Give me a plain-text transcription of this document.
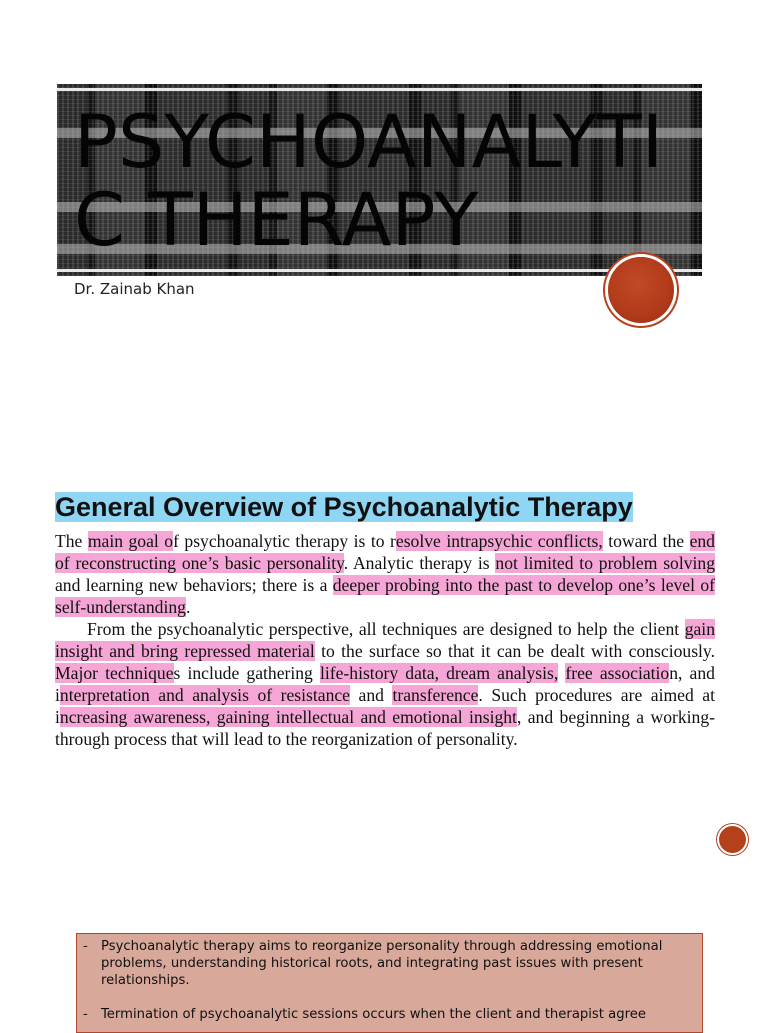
PSYCHOANALYTIC THERAPY
Dr. Zainab Khan
General Overview of Psychoanalytic Therapy

The main goal of psychoanalytic therapy is to resolve intrapsychic conflicts, toward the end of reconstructing one’s basic personality. Analytic therapy is not limited to problem solving and learning new behaviors; there is a deeper probing into the past to develop one’s level of self-understanding.

From the psychoanalytic perspective, all techniques are designed to help the client gain insight and bring repressed material to the surface so that it can be dealt with consciously. Major techniques include gathering life-history data, dream analysis, free association, and interpretation and analysis of resistance and transference. Such procedures are aimed at increasing awareness, gaining intellectual and emotional insight, and beginning a working-through process that will lead to the reorganization of personality.

- Psychoanalytic therapy aims to reorganize personality through addressing emotional problems, understanding historical roots, and integrating past issues with present relationships.
- Termination of psychoanalytic sessions occurs when the client and therapist agree
